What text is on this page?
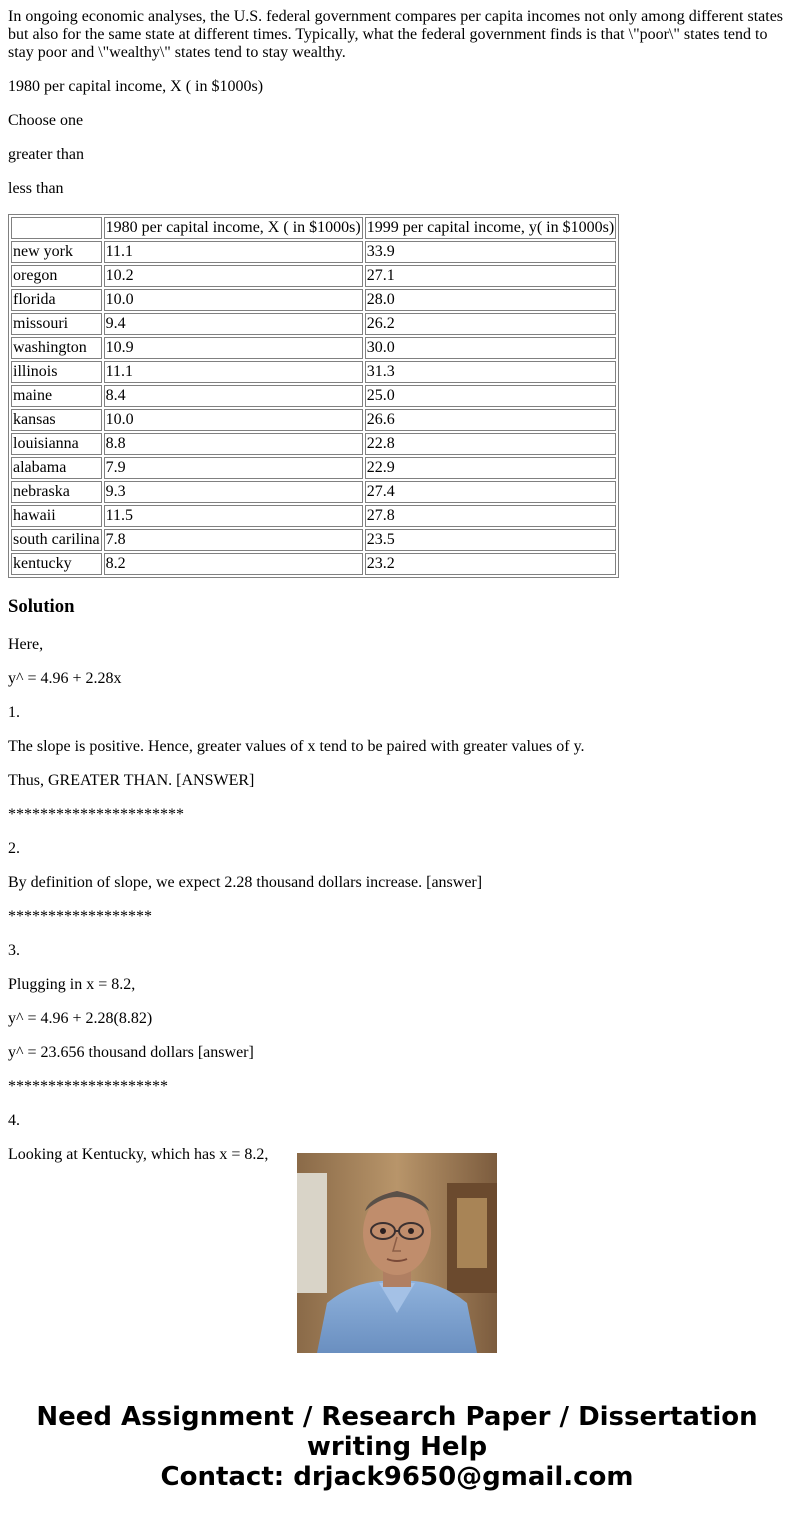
In ongoing economic analyses, the U.S. federal government compares per capita incomes not only among different states but also for the same state at different times. Typically, what the federal government finds is that \"poor\" states tend to stay poor and \"wealthy\" states tend to stay wealthy.

1980 per capital income, X ( in $1000s)

Choose one

greater than

less than

	1980 per capital income, X ( in $1000s)	1999 per capital income, y( in $1000s)
new york	11.1	33.9
oregon	10.2	27.1
florida	10.0	28.0
missouri	9.4	26.2
washington	10.9	30.0
illinois	11.1	31.3
maine	8.4	25.0
kansas	10.0	26.6
louisianna	8.8	22.8
alabama	7.9	22.9
nebraska	9.3	27.4
hawaii	11.5	27.8
south carilina	7.8	23.5
kentucky	8.2	23.2
Solution

Here,

y^ = 4.96 + 2.28x

1.

The slope is positive. Hence, greater values of x tend to be paired with greater values of y.

Thus, GREATER THAN. [ANSWER]

**********************

2.

By definition of slope, we expect 2.28 thousand dollars increase. [answer]

******************

3.

Plugging in x = 8.2,

y^ = 4.96 + 2.28(8.82)

y^ = 23.656 thousand dollars [answer]

********************

4.

Looking at Kentucky, which has x = 8.2,

Need Assignment / Research Paper / Dissertation
writing Help
Contact: drjack9650@gmail.com
